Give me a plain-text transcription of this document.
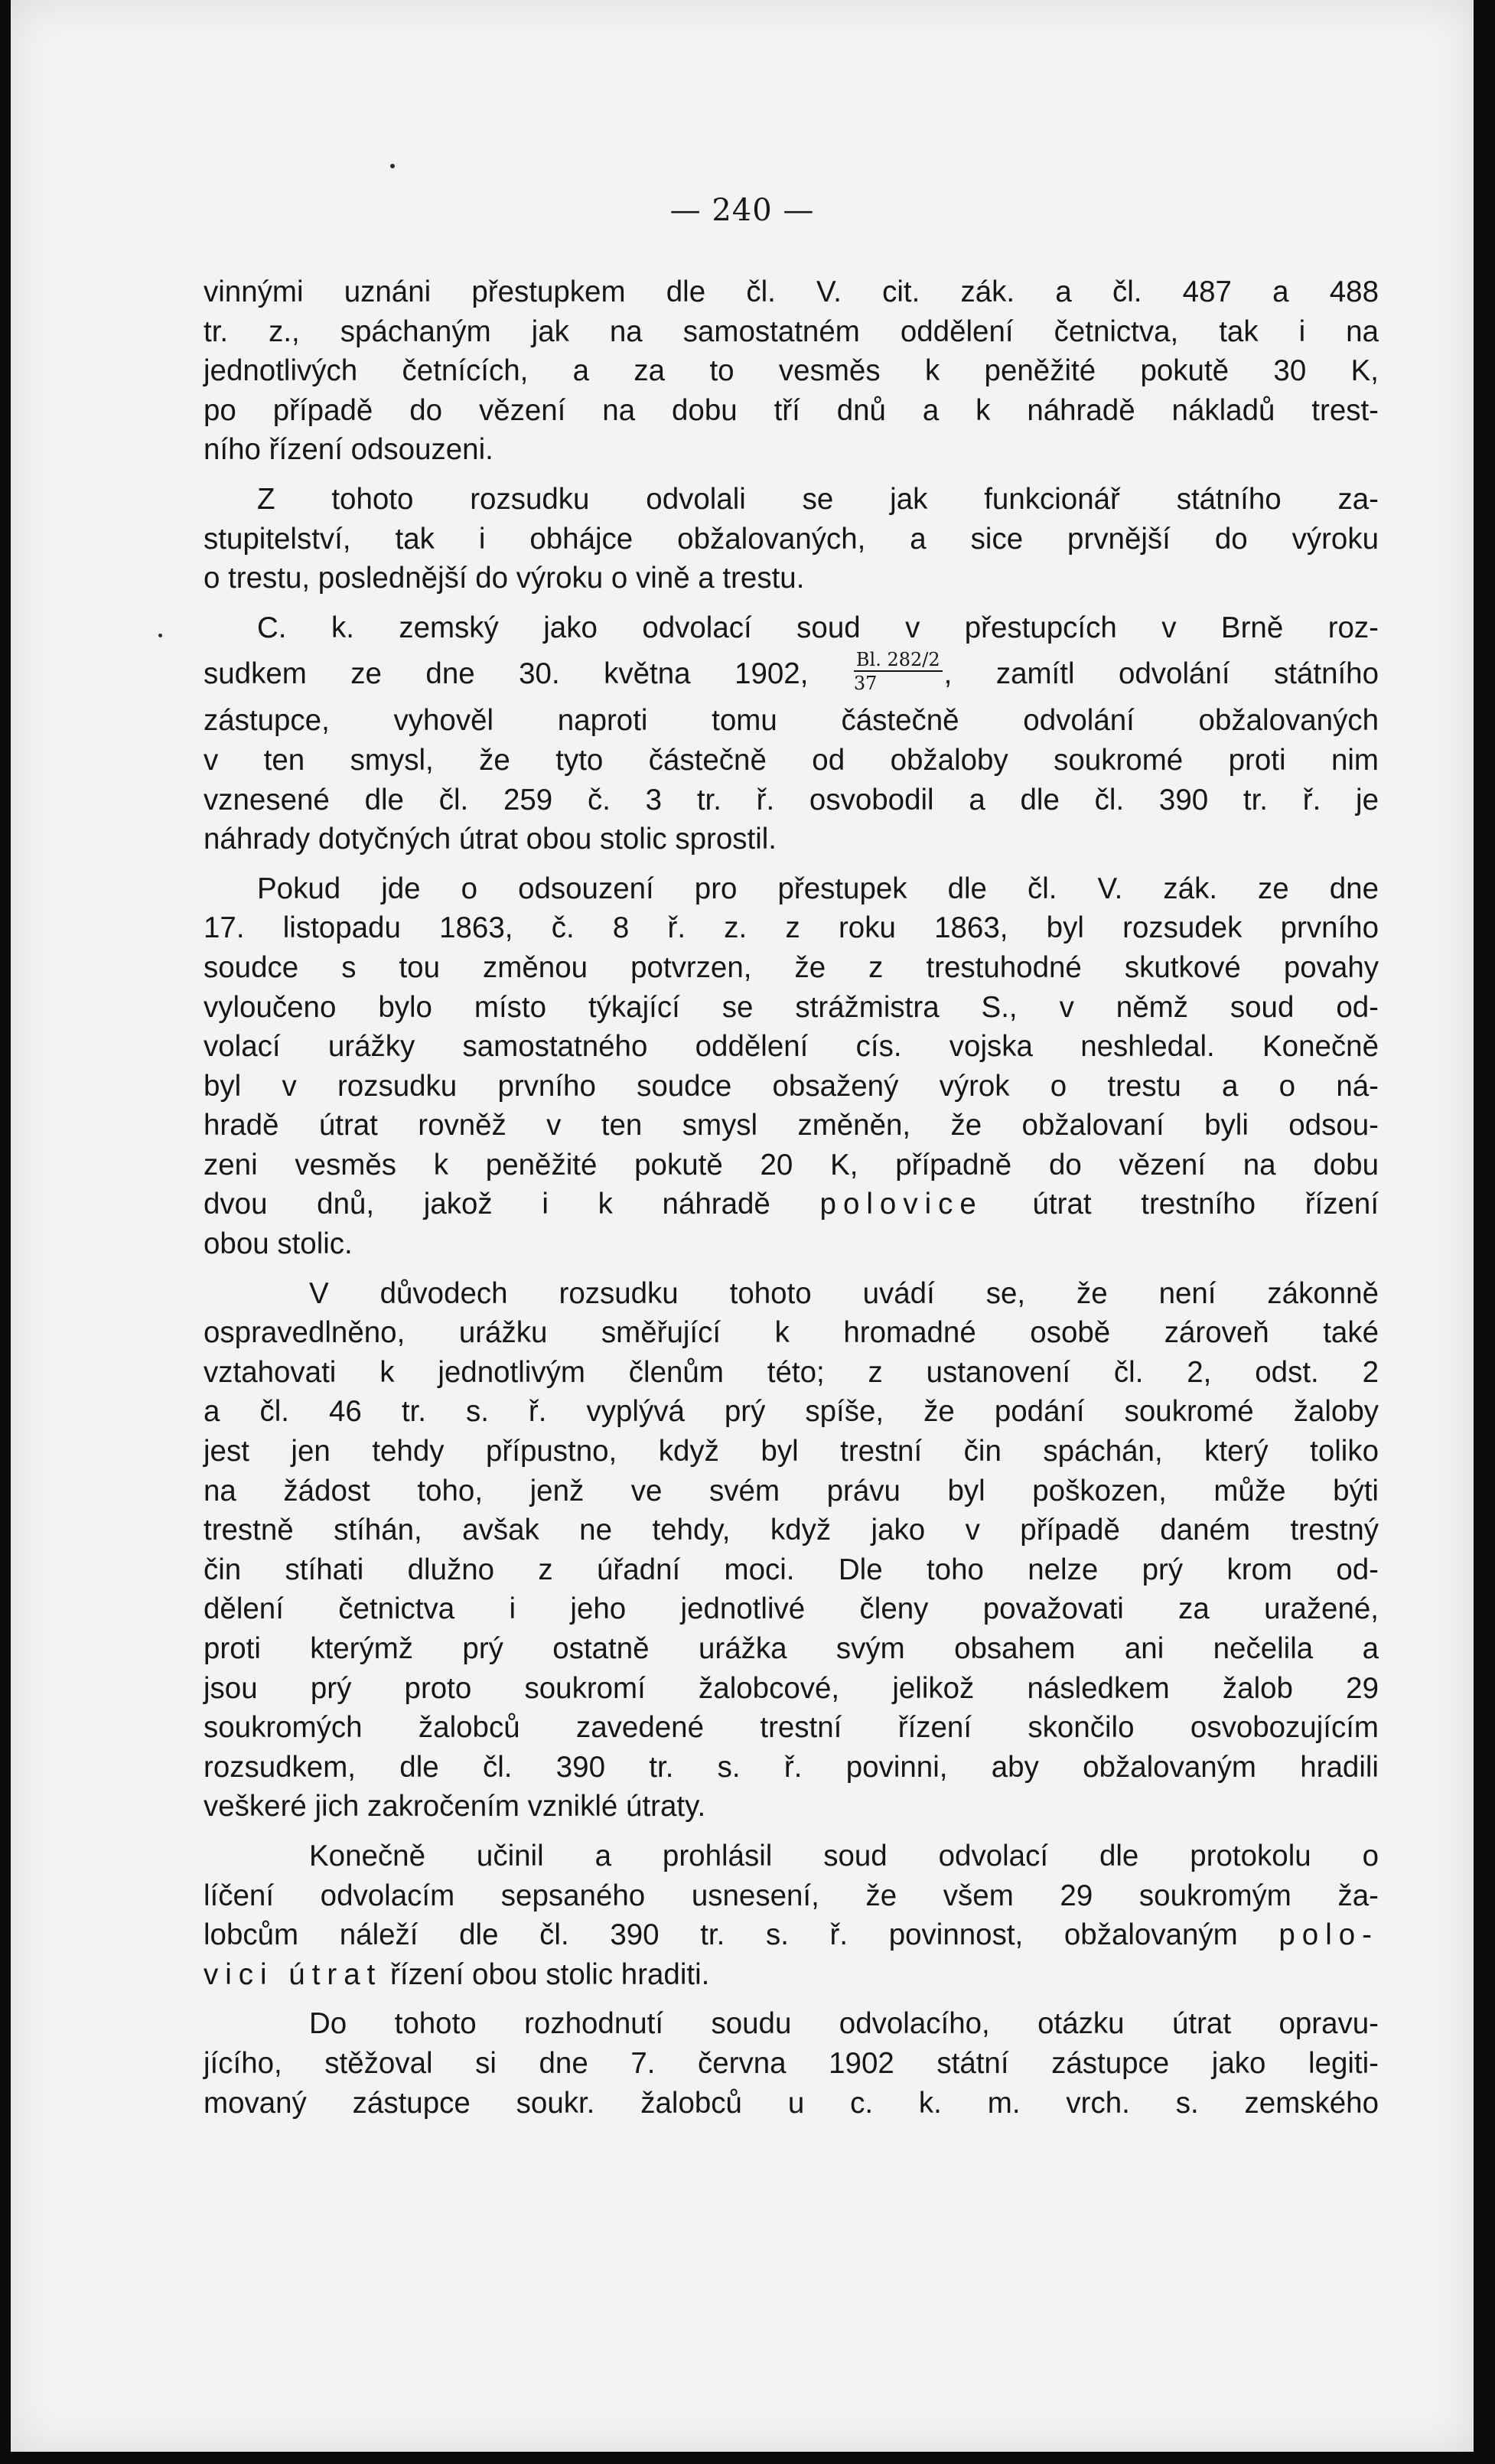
— 240 —
vinnými uznáni přestupkem dle čl. V. cit. zák. a čl. 487 a 488
tr. z., spáchaným jak na samostatném oddělení četnictva, tak i na
jednotlivých četnících, a za to vesměs k peněžité pokutě 30 K,
po případě do vězení na dobu tří dnů a k náhradě nákladů trest-
ního řízení odsouzeni.
Z tohoto rozsudku odvolali se jak funkcionář státního za-
stupitelství, tak i obhájce obžalovaných, a sice prvnější do výroku
o trestu, poslednější do výroku o vině a trestu.
C. k. zemský jako odvolací soud v přestupcích v Brně roz-
sudkem ze dne 30. května 1902, $\frac{Bl. 282/2}{37}$ , zamítl odvolání státního
zástupce, vyhověl naproti tomu částečně odvolání obžalovaných
v ten smysl, že tyto částečně od obžaloby soukromé proti nim
vznesené dle čl. 259 č. 3 tr. ř. osvobodil a dle čl. 390 tr. ř. je
náhrady dotyčných útrat obou stolic sprostil.
Pokud jde o odsouzení pro přestupek dle čl. V. zák. ze dne
17. listopadu 1863, č. 8 ř. z. z roku 1863, byl rozsudek prvního
soudce s tou změnou potvrzen, že z trestuhodné skutkové povahy
vyloučeno bylo místo týkající se strážmistra S., v němž soud od-
volací urážky samostatného oddělení cís. vojska neshledal. Konečně
byl v rozsudku prvního soudce obsažený výrok o trestu a o ná-
hradě útrat rovněž v ten smysl změněn, že obžalovaní byli odsou-
zeni vesměs k peněžité pokutě 20 K, případně do vězení na dobu
dvou dnů, jakož i k náhradě polovice útrat trestního řízení
obou stolic.
V důvodech rozsudku tohoto uvádí se, že není zákonně
ospravedlněno, urážku směřující k hromadné osobě zároveň také
vztahovati k jednotlivým členům této; z ustanovení čl. 2, odst. 2
a čl. 46 tr. s. ř. vyplývá prý spíše, že podání soukromé žaloby
jest jen tehdy přípustno, když byl trestní čin spáchán, který toliko
na žádost toho, jenž ve svém právu byl poškozen, může býti
trestně stíhán, avšak ne tehdy, když jako v případě daném trestný
čin stíhati dlužno z úřadní moci. Dle toho nelze prý krom od-
dělení četnictva i jeho jednotlivé členy považovati za uražené,
proti kterýmž prý ostatně urážka svým obsahem ani nečelila a
jsou prý proto soukromí žalobcové, jelikož následkem žalob 29
soukromých žalobců zavedené trestní řízení skončilo osvobozujícím
rozsudkem, dle čl. 390 tr. s. ř. povinni, aby obžalovaným hradili
veškeré jich zakročením vzniklé útraty.
Konečně učinil a prohlásil soud odvolací dle protokolu o
líčení odvolacím sepsaného usnesení, že všem 29 soukromým ža-
lobcům náleží dle čl. 390 tr. s. ř. povinnost, obžalovaným polo-
vici útrat řízení obou stolic hraditi.
Do tohoto rozhodnutí soudu odvolacího, otázku útrat opravu-
jícího, stěžoval si dne 7. června 1902 státní zástupce jako legiti-
movaný zástupce soukr. žalobců u c. k. m. vrch. s. zemského
